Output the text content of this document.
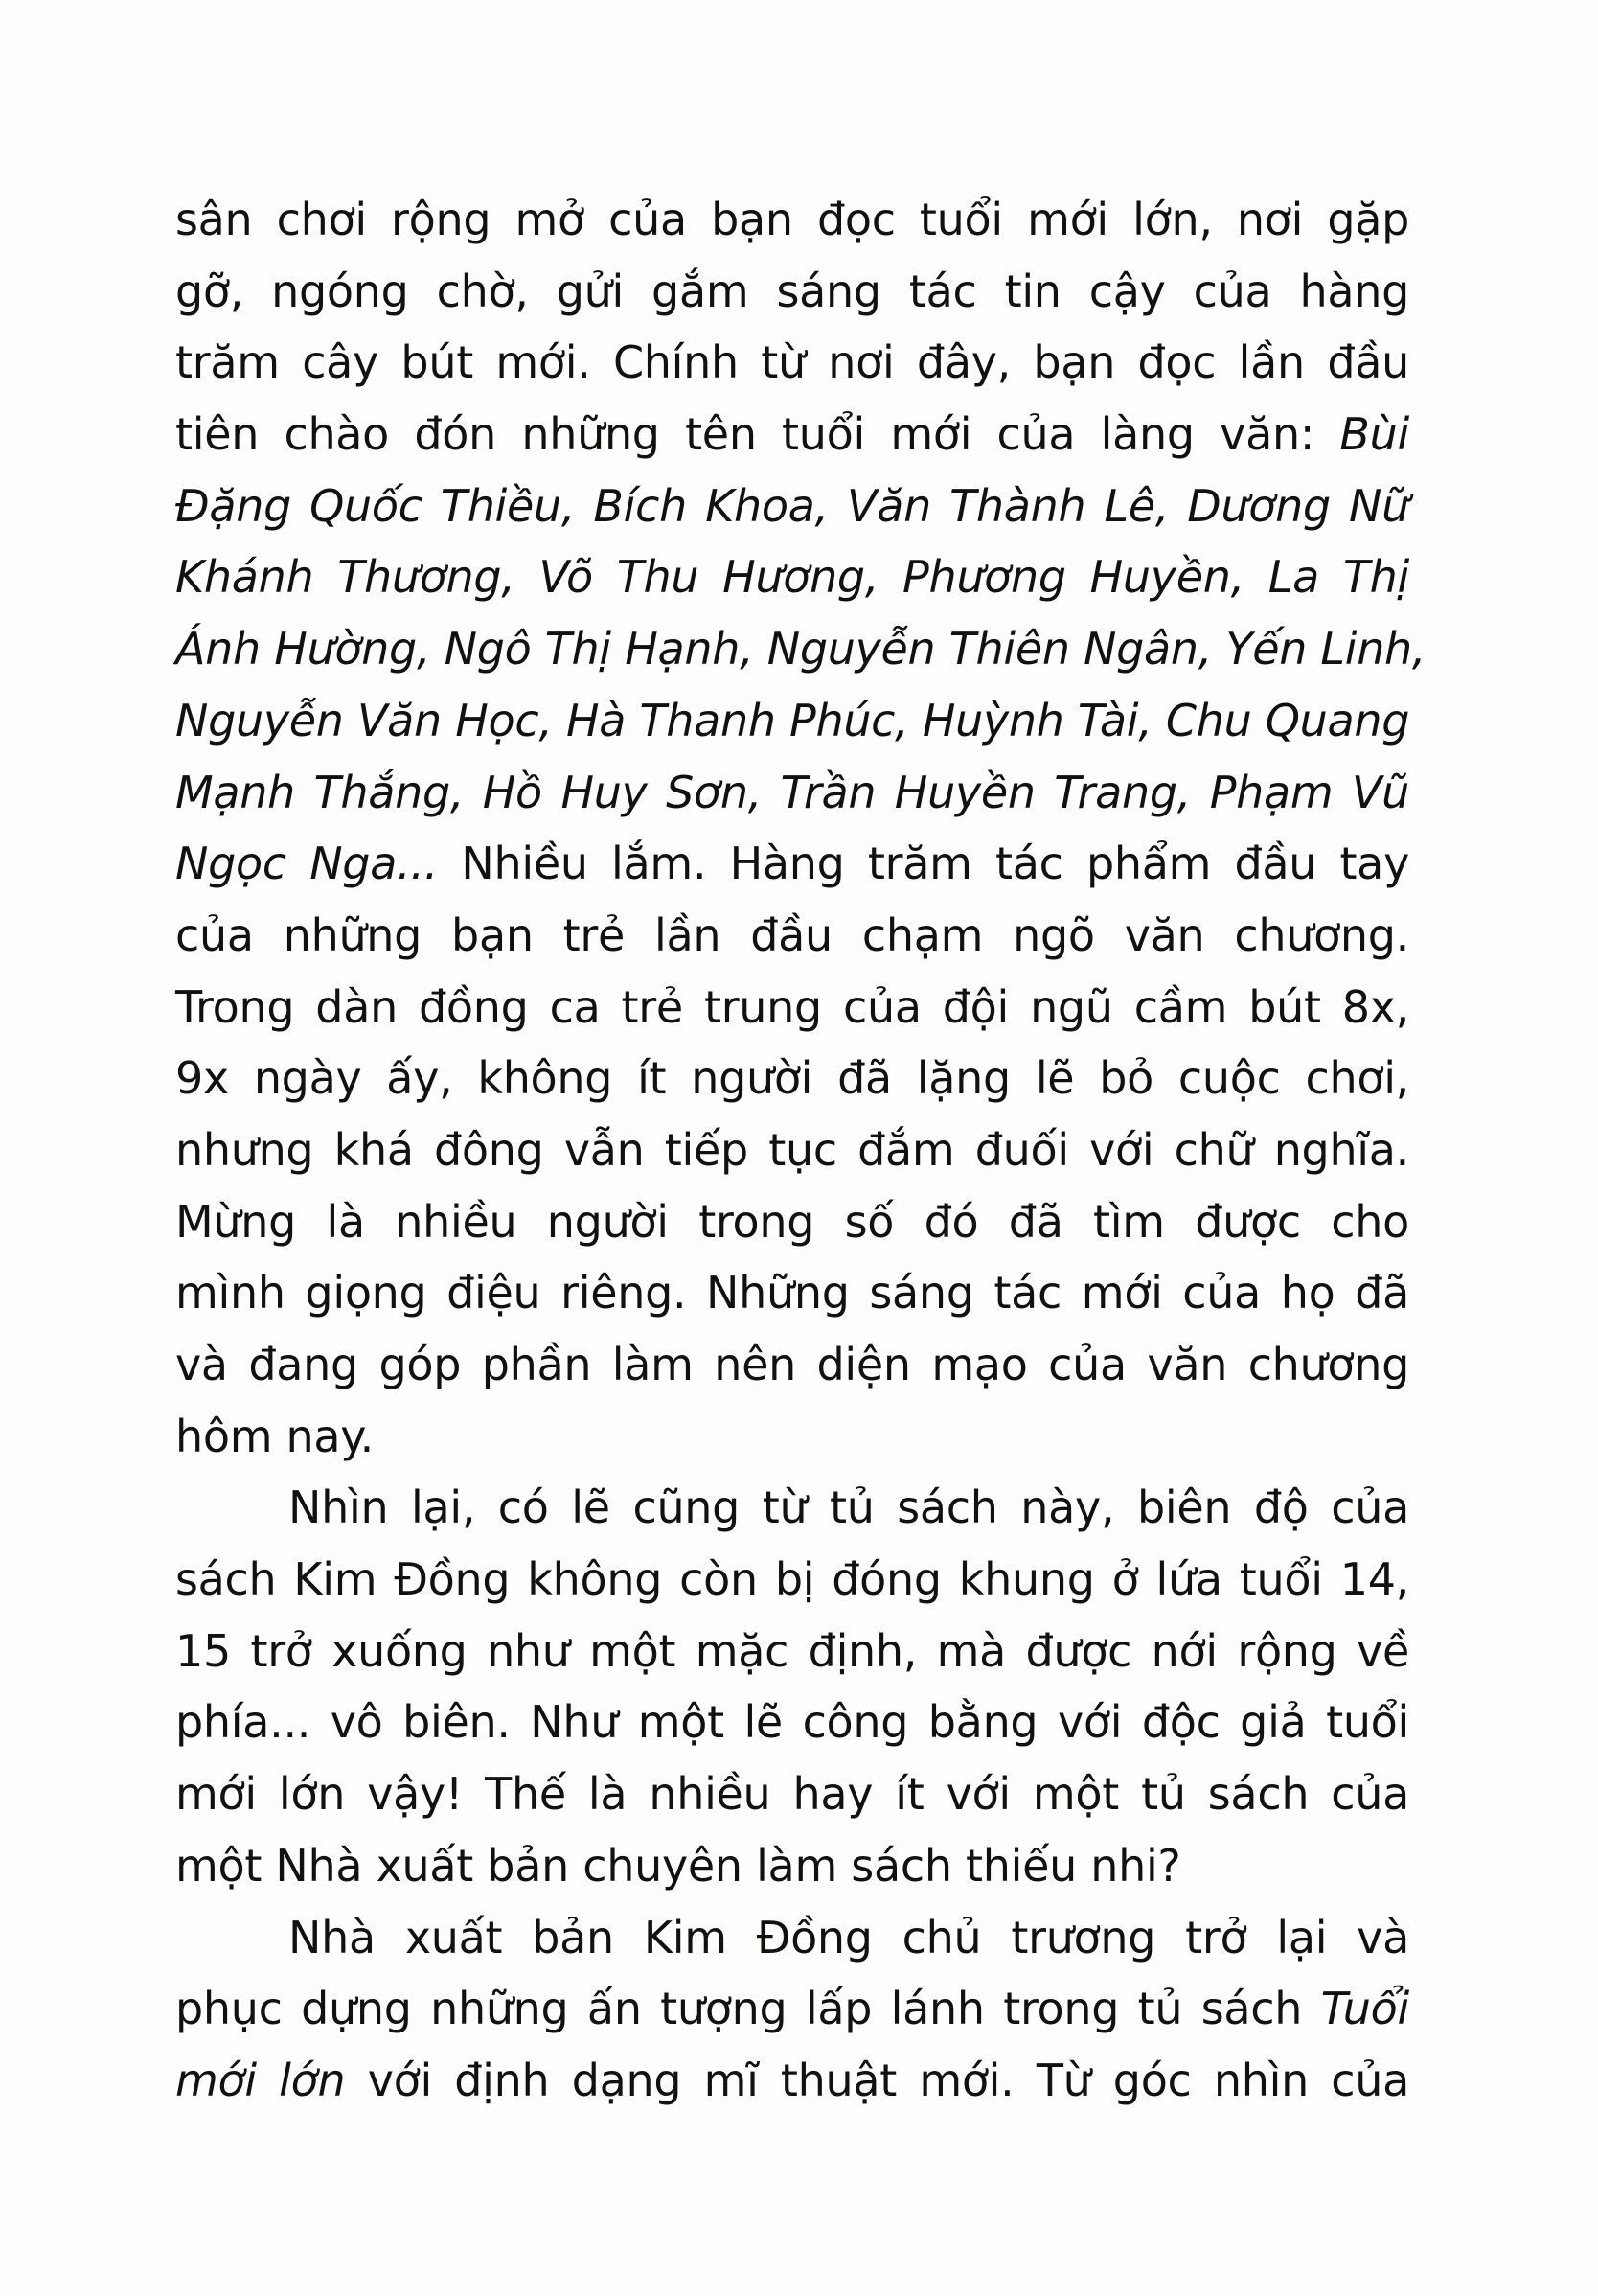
sân chơi rộng mở của bạn đọc tuổi mới lớn, nơi gặp
gỡ, ngóng chờ, gửi gắm sáng tác tin cậy của hàng
trăm cây bút mới. Chính từ nơi đây, bạn đọc lần đầu
tiên chào đón những tên tuổi mới của làng văn: Bùi
Đặng Quốc Thiều, Bích Khoa, Văn Thành Lê, Dương Nữ
Khánh Thương, Võ Thu Hương, Phương Huyền, La Thị
Ánh Hường, Ngô Thị Hạnh, Nguyễn Thiên Ngân, Yến Linh,
Nguyễn Văn Học, Hà Thanh Phúc, Huỳnh Tài, Chu Quang
Mạnh Thắng, Hồ Huy Sơn, Trần Huyền Trang, Phạm Vũ
Ngọc Nga... Nhiều lắm. Hàng trăm tác phẩm đầu tay
của những bạn trẻ lần đầu chạm ngõ văn chương.
Trong dàn đồng ca trẻ trung của đội ngũ cầm bút 8x,
9x ngày ấy, không ít người đã lặng lẽ bỏ cuộc chơi,
nhưng khá đông vẫn tiếp tục đắm đuối với chữ nghĩa.
Mừng là nhiều người trong số đó đã tìm được cho
mình giọng điệu riêng. Những sáng tác mới của họ đã
và đang góp phần làm nên diện mạo của văn chương
hôm nay.
Nhìn lại, có lẽ cũng từ tủ sách này, biên độ của
sách Kim Đồng không còn bị đóng khung ở lứa tuổi 14,
15 trở xuống như một mặc định, mà được nới rộng về
phía... vô biên. Như một lẽ công bằng với độc giả tuổi
mới lớn vậy! Thế là nhiều hay ít với một tủ sách của
một Nhà xuất bản chuyên làm sách thiếu nhi?
Nhà xuất bản Kim Đồng chủ trương trở lại và
phục dựng những ấn tượng lấp lánh trong tủ sách Tuổi
mới lớn với định dạng mĩ thuật mới. Từ góc nhìn của
